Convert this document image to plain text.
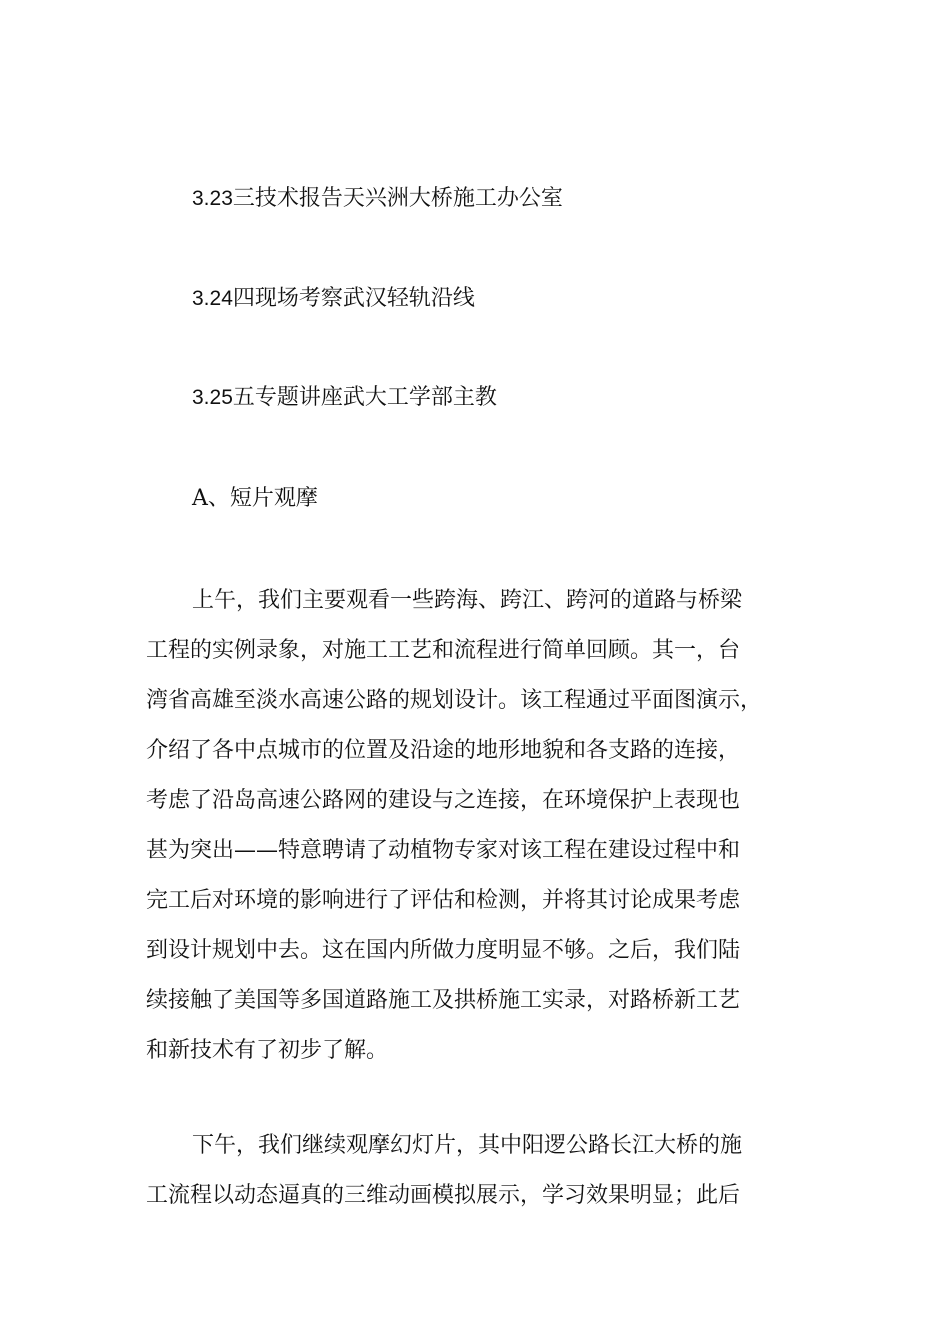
3.23三技术报告天兴洲大桥施工办公室
3.24四现场考察武汉轻轨沿线
3.25五专题讲座武大工学部主教
A、短片观摩
上午，我们主要观看一些跨海、跨江、跨河的道路与桥梁
工程的实例录象，对施工工艺和流程进行简单回顾。其一，台
湾省高雄至淡水高速公路的规划设计。该工程通过平面图演示，
介绍了各中点城市的位置及沿途的地形地貌和各支路的连接，
考虑了沿岛高速公路网的建设与之连接，在环境保护上表现也
甚为突出——特意聘请了动植物专家对该工程在建设过程中和
完工后对环境的影响进行了评估和检测，并将其讨论成果考虑
到设计规划中去。这在国内所做力度明显不够。之后，我们陆
续接触了美国等多国道路施工及拱桥施工实录，对路桥新工艺
和新技术有了初步了解。
下午，我们继续观摩幻灯片，其中阳逻公路长江大桥的施
工流程以动态逼真的三维动画模拟展示，学习效果明显；此后
